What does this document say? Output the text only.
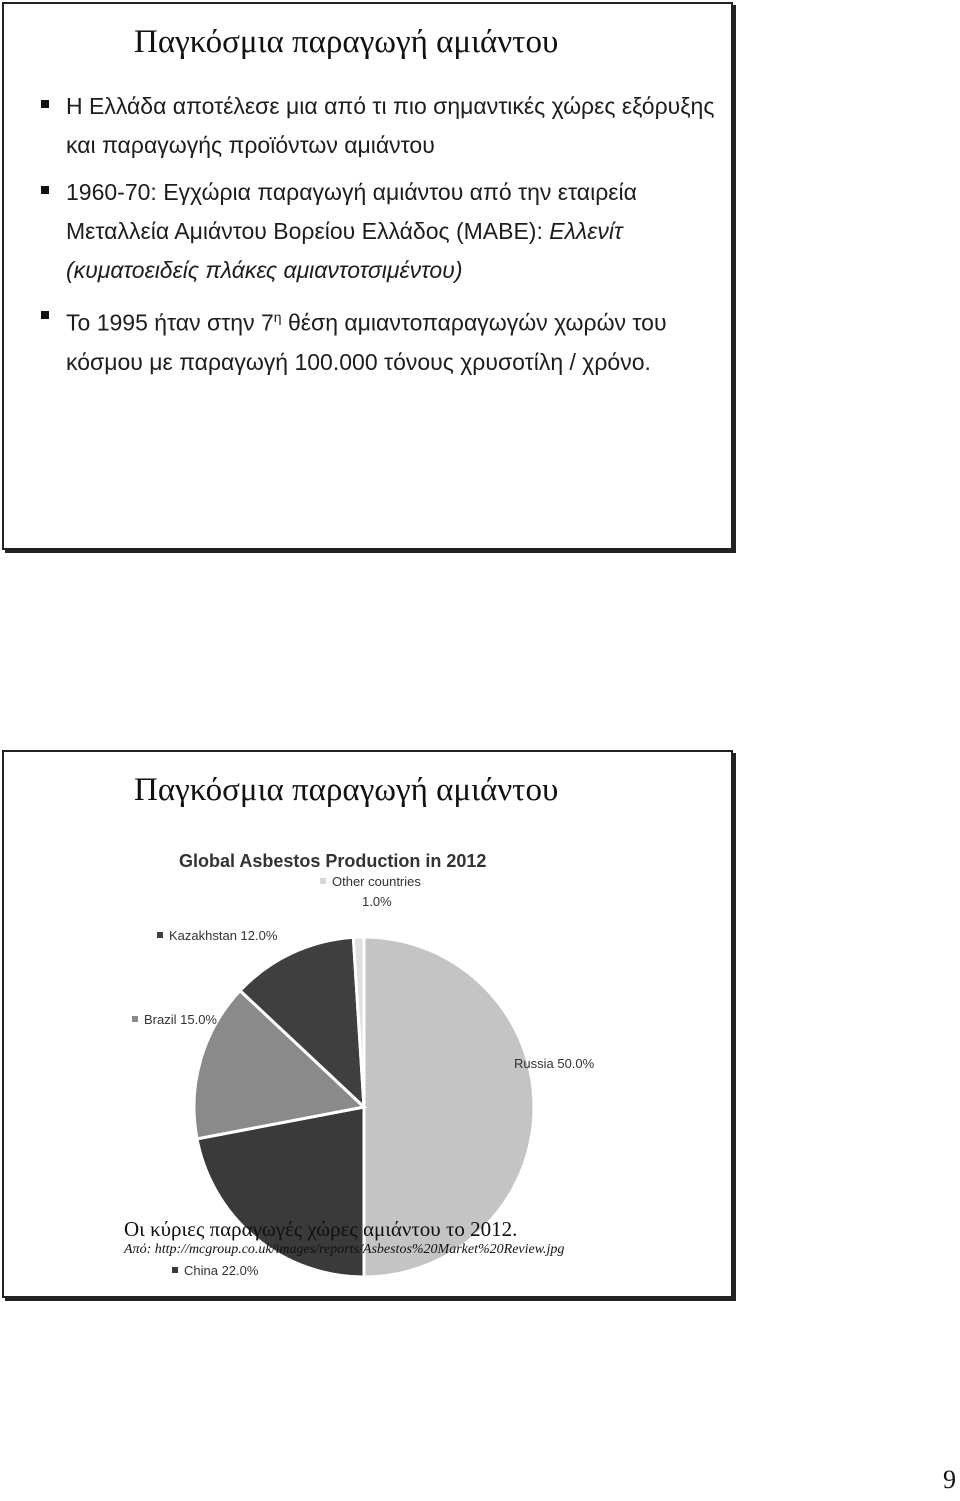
Παγκόσμια παραγωγή αμιάντου
Η Ελλάδα αποτέλεσε μια από τι πιο σημαντικές χώρες εξόρυξης και παραγωγής προϊόντων αμιάντου
1960-70: Εγχώρια παραγωγή αμιάντου από την εταιρεία Μεταλλεία Αμιάντου Βορείου Ελλάδος (ΜΑΒΕ): Ελλενίτ (κυματοειδείς πλάκες αμιαντοτσιμέντου)
Το 1995 ήταν στην $7^\eta$ θέση αμιαντοπαραγωγών χωρών του κόσμου με παραγωγή 100.000 τόνους χρυσοτίλη / χρόνο.
Παγκόσμια παραγωγή αμιάντου
Global Asbestos Production in 2012
Russia 50.0%
China 22.0%
Brazil 15.0%
Kazakhstan 12.0%
Other countries
1.0%
Οι κύριες παραγωγές χώρες αμιάντου το 2012.
Από: http://mcgroup.co.uk/images/reports/Asbestos%20Market%20Review.jpg
9
